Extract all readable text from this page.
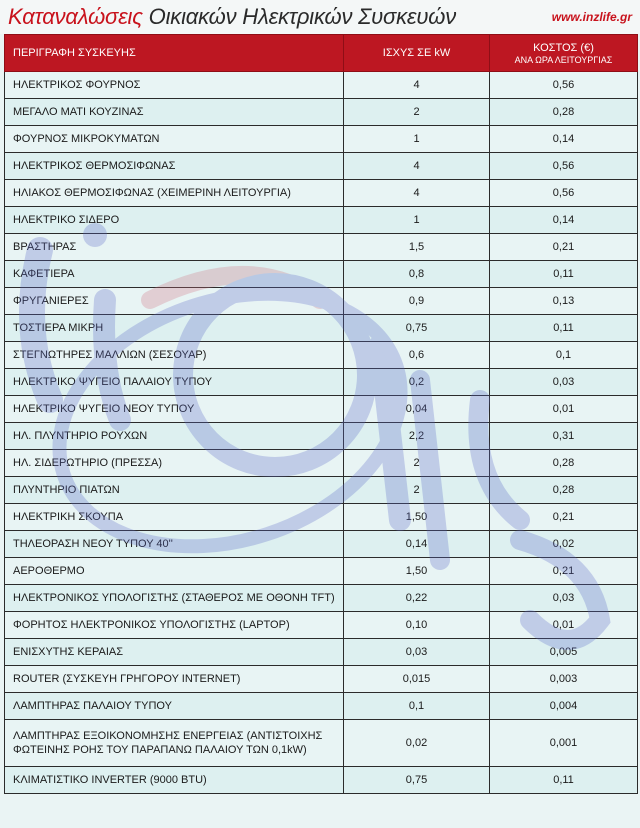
Καταναλώσεις Οικιακών Ηλεκτρικών Συσκευών	www.inzlife.gr
ΠΕΡΙΓΡΑΦΗ ΣΥΣΚΕΥΗΣ	ΙΣΧΥΣ ΣΕ kW	ΚΟΣΤΟΣ (€)
ΑΝΑ ΩΡΑ ΛΕΙΤΟΥΡΓΙΑΣ

ΗΛΕΚΤΡΙΚΟΣ ΦΟΥΡΝΟΣ	4	0,56
ΜΕΓΑΛΟ ΜΑΤΙ ΚΟΥΖΙΝΑΣ	2	0,28
ΦΟΥΡΝΟΣ ΜΙΚΡΟΚΥΜΑΤΩΝ	1	0,14
ΗΛΕΚΤΡΙΚΟΣ ΘΕΡΜΟΣΙΦΩΝΑΣ	4	0,56
ΗΛΙΑΚΟΣ ΘΕΡΜΟΣΙΦΩΝΑΣ (ΧΕΙΜΕΡΙΝΗ ΛΕΙΤΟΥΡΓΙΑ)	4	0,56
ΗΛΕΚΤΡΙΚΟ ΣΙΔΕΡΟ	1	0,14
ΒΡΑΣΤΗΡΑΣ	1,5	0,21
ΚΑΦΕΤΙΕΡΑ	0,8	0,11
ΦΡΥΓΑΝΙΕΡΕΣ	0,9	0,13
ΤΟΣΤΙΕΡΑ ΜΙΚΡΗ	0,75	0,11
ΣΤΕΓΝΩΤΗΡΕΣ ΜΑΛΛΙΩΝ (ΣΕΣΟΥΑΡ)	0,6	0,1
ΗΛΕΚΤΡΙΚΟ ΨΥΓΕΙΟ ΠΑΛΑΙΟΥ ΤΥΠΟΥ	0,2	0,03
ΗΛΕΚΤΡΙΚΟ ΨΥΓΕΙΟ ΝΕΟΥ ΤΥΠΟΥ	0,04	0,01
ΗΛ. ΠΛΥΝΤΗΡΙΟ ΡΟΥΧΩΝ	2,2	0,31
ΗΛ. ΣΙΔΕΡΩΤΗΡΙΟ (ΠΡΕΣΣΑ)	2	0,28
ΠΛΥΝΤΗΡΙΟ ΠΙΑΤΩΝ	2	0,28
ΗΛΕΚΤΡΙΚΗ ΣΚΟΥΠΑ	1,50	0,21
ΤΗΛΕΟΡΑΣΗ ΝΕΟΥ ΤΥΠΟΥ 40''	0,14	0,02
ΑΕΡΟΘΕΡΜΟ	1,50	0,21
ΗΛΕΚΤΡΟΝΙΚΟΣ ΥΠΟΛΟΓΙΣΤΗΣ (ΣΤΑΘΕΡΟΣ ΜΕ ΟΘΟΝΗ TFT)	0,22	0,03
ΦΟΡΗΤΟΣ ΗΛΕΚΤΡΟΝΙΚΟΣ ΥΠΟΛΟΓΙΣΤΗΣ (LAPTOP)	0,10	0,01
ΕΝΙΣΧΥΤΗΣ ΚΕΡΑΙΑΣ	0,03	0,005
ROUTER (ΣΥΣΚΕΥΗ ΓΡΗΓΟΡΟΥ INTERNET)	0,015	0,003
ΛΑΜΠΤΗΡΑΣ ΠΑΛΑΙΟΥ ΤΥΠΟΥ	0,1	0,004
ΛΑΜΠΤΗΡΑΣ ΕΞΟΙΚΟΝΟΜΗΣΗΣ ΕΝΕΡΓΕΙΑΣ (ΑΝΤΙΣΤΟΙΧΗΣ ΦΩΤΕΙΝΗΣ ΡΟΗΣ ΤΟΥ ΠΑΡΑΠΑΝΩ ΠΑΛΑΙΟΥ ΤΩΝ 0,1kW)	0,02	0,001
ΚΛΙΜΑΤΙΣΤΙΚΟ INVERTER (9000 BTU)	0,75	0,11
